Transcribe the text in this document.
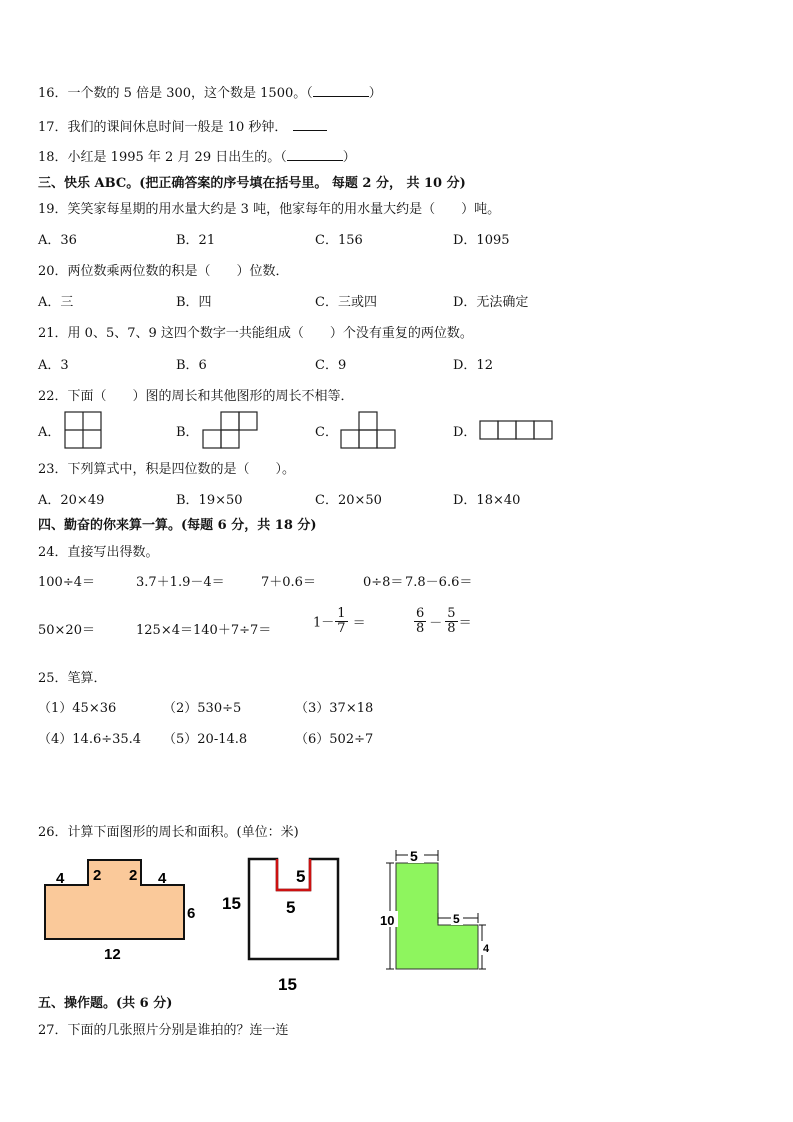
16．一个数的 5 倍是 300，这个数是 1500。（	）
17．我们的课间休息时间一般是 10 秒钟．
18．小红是 1995 年 2 月 29 日出生的。（	）
三、快乐 ABC。(把正确答案的序号填在括号里。 每题 2 分， 共 10 分)
19．笑笑家每星期的用水量大约是 3 吨，他家每年的用水量大约是（　　）吨。
A．36	B．21	C．156	D．1095
20．两位数乘两位数的积是（　　）位数．
A．三	B．四	C．三或四	D．无法确定
21．用 0、5、7、9 这四个数字一共能组成（　　）个没有重复的两位数。
A．3	B．6	C．9	D．12
22．下面（　　）图的周长和其他图形的周长不相等．
A．	B．	C．	D．
23．下列算式中，积是四位数的是（　　）。
A．20×49	B．19×50	C．20×50	D．18×40
四、勤奋的你来算一算。(每题 6 分，共 18 分)
24．直接写出得数。
100÷4＝	3.7＋1.9－4＝	7＋0.6＝	0÷8＝ 7.8－6.6＝
50×20＝	125×4＝ 140＋7÷7＝	$1- \frac{1}{7}$ ＝	$\frac{6}{8} - \frac{5}{8}$ ＝
25．笔算．
（1）45×36	（2）530÷5	（3）37×18
（4）14.6÷35.4 （5）20-14.8	（6）502÷7
26．计算下面图形的周长和面积。(单位：米)
4 2 2 4
6
12
15
5
5
15
5
10	5
4
五、操作题。(共 6 分)
27．下面的几张照片分别是谁拍的？连一连
